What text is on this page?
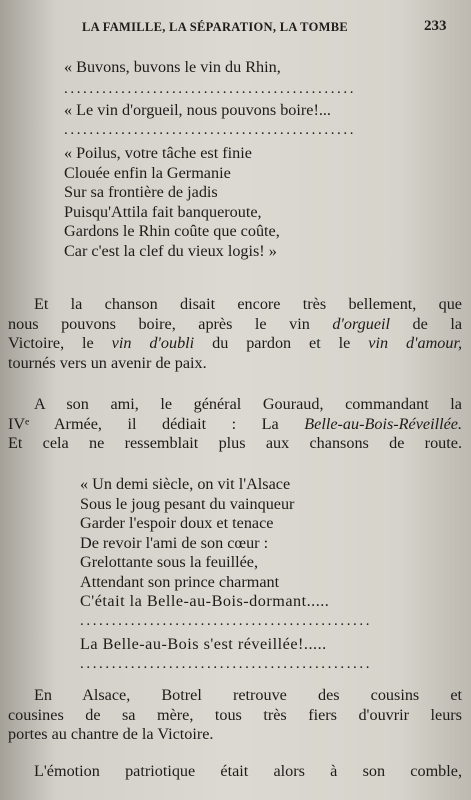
LA FAMILLE, LA SÉPARATION, LA TOMBE	233
« Buvons, buvons le vin du Rhin,
..............................................
« Le vin d'orgueil, nous pouvons boire!...
..............................................
« Poilus, votre tâche est finie
Clouée enfin la Germanie
Sur sa frontière de jadis
Puisqu'Attila fait banqueroute,
Gardons le Rhin coûte que coûte,
Car c'est la clef du vieux logis! »
Et la chanson disait encore très bellement, que
nous pouvons boire, après le vin d'orgueil de la
Victoire, le vin d'oubli du pardon et le vin d'amour,
tournés vers un avenir de paix.
A son ami, le général Gouraud, commandant la
IVᵉ Armée, il dédiait : La Belle-au-Bois-Réveillée.
Et cela ne ressemblait plus aux chansons de route.
« Un demi siècle, on vit l'Alsace
Sous le joug pesant du vainqueur
Garder l'espoir doux et tenace
De revoir l'ami de son cœur :
Grelottante sous la feuillée,
Attendant son prince charmant
C'était la Belle-au-Bois-dormant.....
..............................................
La Belle-au-Bois s'est réveillée!.....
..............................................
En Alsace, Botrel retrouve des cousins et
cousines de sa mère, tous très fiers d'ouvrir leurs
portes au chantre de la Victoire.
L'émotion patriotique était alors à son comble,
